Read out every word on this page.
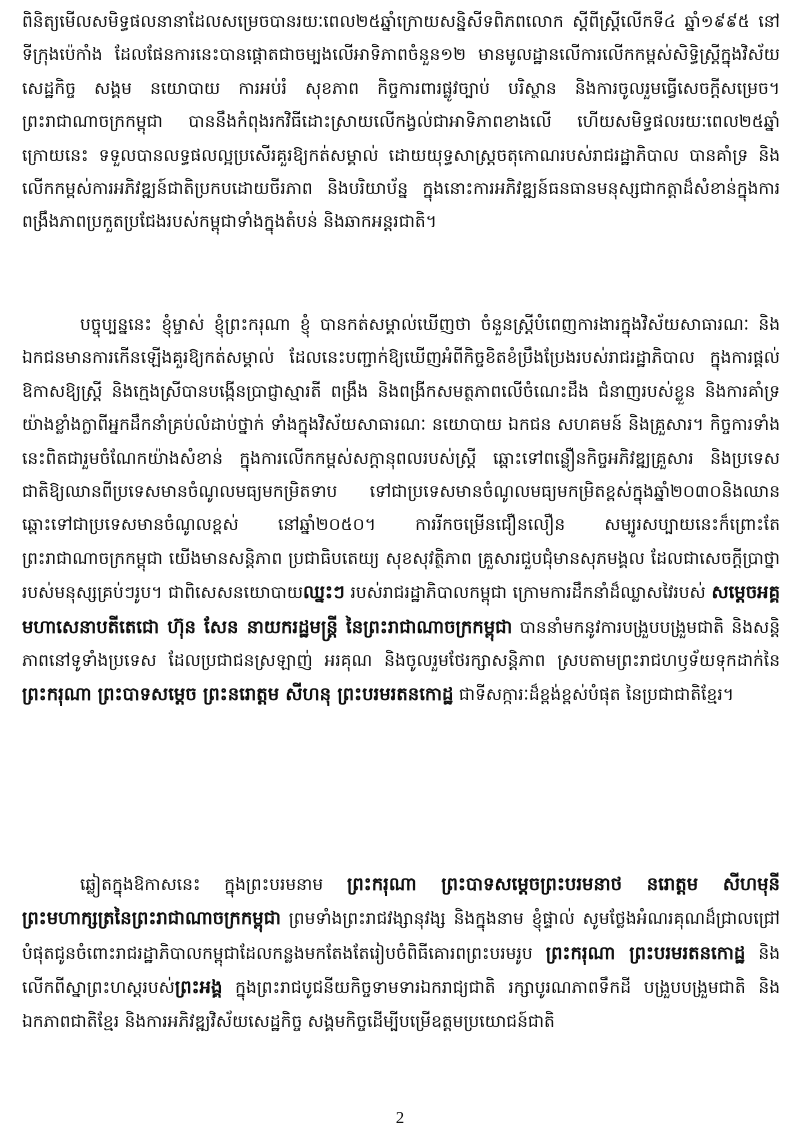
ពិនិត្យមើលសមិទ្ធផលនានាដែលសម្រេចបានរយៈពេល២៥ឆ្នាំក្រោយសន្និសីទពិភពលោក ស្តីពីស្ត្រីលើកទី៤ ឆ្នាំ១៩៩៥ នៅទីក្រុងប៉េកាំង ដែលផែនការនេះបានផ្តោតជាចម្បងលើអាទិភាពចំនួន១២ មានមូលដ្ឋានលើការលើកកម្ពស់សិទ្ធិស្ត្រីក្នុងវិស័យសេដ្ឋកិច្ច សង្គម នយោបាយ ការអប់រំ សុខភាព កិច្ចការពារផ្លូវច្បាប់ បរិស្ថាន និងការចូលរួមធ្វើសេចក្តីសម្រេច។ ព្រះរាជាណាចក្រកម្ពុជា បាននឹងកំពុងរកវិធីដោះស្រាយលើកង្វល់ជាអាទិភាពខាងលើ ហើយសមិទ្ធផលរយៈពេល២៥ឆ្នាំក្រោយនេះ ទទួលបានលទ្ធផលល្អប្រសើរគួរឱ្យកត់សម្គាល់ ដោយយុទ្ធសាស្ត្រចតុកោណរបស់រាជរដ្ឋាភិបាល បានគាំទ្រ និងលើកកម្ពស់ការអភិវឌ្ឍន៍ជាតិប្រកបដោយចីរភាព និងបរិយាប័ន្ន ក្នុងនោះការអភិវឌ្ឍន៍ធនធានមនុស្សជាកត្តាដ៏សំខាន់ក្នុងការពង្រឹងភាពប្រកួតប្រជែងរបស់កម្ពុជាទាំងក្នុងតំបន់ និងឆាកអន្តរជាតិ។

បច្ចុប្បន្ននេះ ខ្ញុំម្ចាស់ ខ្ញុំព្រះករុណា ខ្ញុំ បានកត់សម្គាល់ឃើញថា ចំនួនស្ត្រីបំពេញការងារក្នុងវិស័យសាធារណៈ និងឯកជនមានការកើនឡើងគួរឱ្យកត់សម្គាល់ ដែលនេះបញ្ជាក់ឱ្យឃើញអំពីកិច្ចខិតខំប្រឹងប្រែងរបស់រាជរដ្ឋាភិបាល ក្នុងការផ្តល់ឱកាសឱ្យស្ត្រី និងក្មេងស្រីបានបង្កើនប្រាជ្ញាស្មារតី ពង្រឹង និងពង្រីកសមត្ថភាពលើចំណេះដឹង ជំនាញរបស់ខ្លួន និងការគាំទ្រយ៉ាងខ្លាំងក្លាពីអ្នកដឹកនាំគ្រប់លំដាប់ថ្នាក់ ទាំងក្នុងវិស័យសាធារណៈ នយោបាយ ឯកជន សហគមន៍ និងគ្រួសារ។ កិច្ចការទាំងនេះពិតជារួមចំណែកយ៉ាងសំខាន់ ក្នុងការលើកកម្ពស់សក្តានុពលរបស់ស្ត្រី ឆ្ពោះទៅពន្លឿនកិច្ចអភិវឌ្ឍគ្រួសារ និងប្រទេសជាតិឱ្យឈានពីប្រទេសមានចំណូលមធ្យមកម្រិតទាប ទៅជាប្រទេសមានចំណូលមធ្យមកម្រិតខ្ពស់ក្នុងឆ្នាំ២០៣០និងឈានឆ្ពោះទៅជាប្រទេសមានចំណូលខ្ពស់ នៅឆ្នាំ២០៥០។ ការរីកចម្រើនជឿនលឿន សម្បូរសប្បាយនេះក៏ព្រោះតែព្រះរាជាណាចក្រកម្ពុជា យើងមានសន្តិភាព ប្រជាធិបតេយ្យ សុខសុវត្ថិភាព គ្រួសារជួបជុំមានសុភមង្គល ដែលជាសេចក្តីប្រាថ្នារបស់មនុស្សគ្រប់ៗរូប។ ជាពិសេសនយោបាយឈ្នះៗ របស់រាជរដ្ឋាភិបាលកម្ពុជា ក្រោមការដឹកនាំដ៏ឈ្លាសវៃរបស់ សម្តេចអគ្គមហាសេនាបតីតេជោ ហ៊ុន សែន នាយករដ្ឋមន្ត្រី នៃព្រះរាជាណាចក្រកម្ពុជា បាននាំមកនូវការបង្រួបបង្រួមជាតិ និងសន្តិភាពនៅទូទាំងប្រទេស ដែលប្រជាជនស្រឡាញ់ អរគុណ និងចូលរួមថែរក្សាសន្តិភាព ស្របតាមព្រះរាជហឫទ័យទុកដាក់នៃ ព្រះករុណា ព្រះបាទសម្តេច ព្រះនរោត្តម សីហនុ ព្រះបរមរតនកោដ្ឋ ជាទីសក្ការៈដ៏ខ្ពង់ខ្ពស់បំផុត នៃប្រជាជាតិខ្មែរ។

ឆ្លៀតក្នុងឱកាសនេះ ក្នុងព្រះបរមនាម ព្រះករុណា ព្រះបាទសម្តេចព្រះបរមនាថ នរោត្តម សីហមុនី ព្រះមហាក្សត្រនៃព្រះរាជាណាចក្រកម្ពុជា ព្រមទាំងព្រះរាជវង្សានុវង្ស និងក្នុងនាម ខ្ញុំផ្ទាល់ សូមថ្លែងអំណរគុណដ៏ជ្រាលជ្រៅបំផុតជូនចំពោះរាជរដ្ឋាភិបាលកម្ពុជាដែលកន្លងមកតែងតែរៀបចំពិធីគោរពព្រះបរមរូប ព្រះករុណា ព្រះបរមរតនកោដ្ឋ និងលើកពីស្នាព្រះហស្តរបស់ព្រះអង្គ ក្នុងព្រះរាជបូជនីយកិច្ចទាមទារឯករាជ្យជាតិ រក្សាបូរណភាពទឹកដី បង្រួបបង្រួមជាតិ និងឯកភាពជាតិខ្មែរ និងការអភិវឌ្ឍវិស័យសេដ្ឋកិច្ច សង្គមកិច្ចដើម្បីបម្រើឧត្តមប្រយោជន៍ជាតិ

2
